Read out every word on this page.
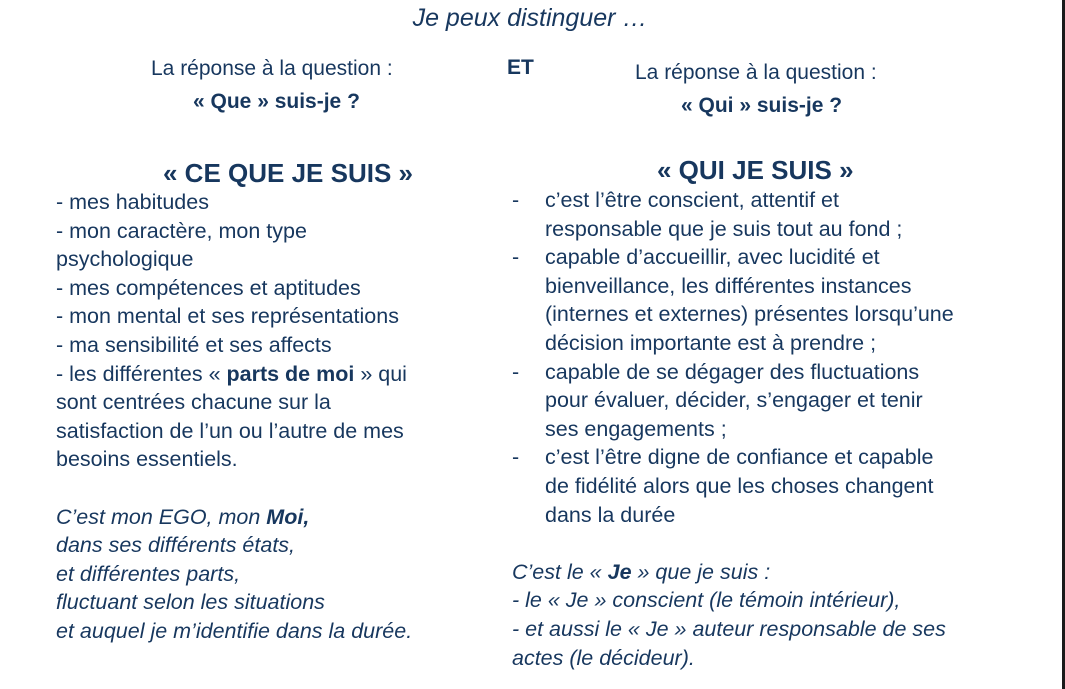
Je peux distinguer …
La réponse à la question :
« Que » suis-je ?
ET	La réponse à la question :
« Qui » suis-je ?
« CE QUE JE SUIS »	« QUI JE SUIS »
- mes habitudes
- mon caractère, mon type
psychologique
- mes compétences et aptitudes
- mon mental et ses représentations
- ma sensibilité et ses affects
- les différentes « parts de moi » qui
sont centrées chacune sur la
satisfaction de l’un ou l’autre de mes
besoins essentiels.
C’est mon EGO, mon Moi,
dans ses différents états,
et différentes parts,
fluctuant selon les situations
et auquel je m’identifie dans la durée.
-	c’est l’être conscient, attentif et
responsable que je suis tout au fond ;
-	capable d’accueillir, avec lucidité et
bienveillance, les différentes instances
(internes et externes) présentes lorsqu’une
décision importante est à prendre ;
-	capable de se dégager des fluctuations
pour évaluer, décider, s’engager et tenir
ses engagements ;
-	c’est l’être digne de confiance et capable
de fidélité alors que les choses changent
dans la durée
C’est le « Je » que je suis :
- le « Je » conscient (le témoin intérieur),
- et aussi le « Je » auteur responsable de ses
actes (le décideur).
